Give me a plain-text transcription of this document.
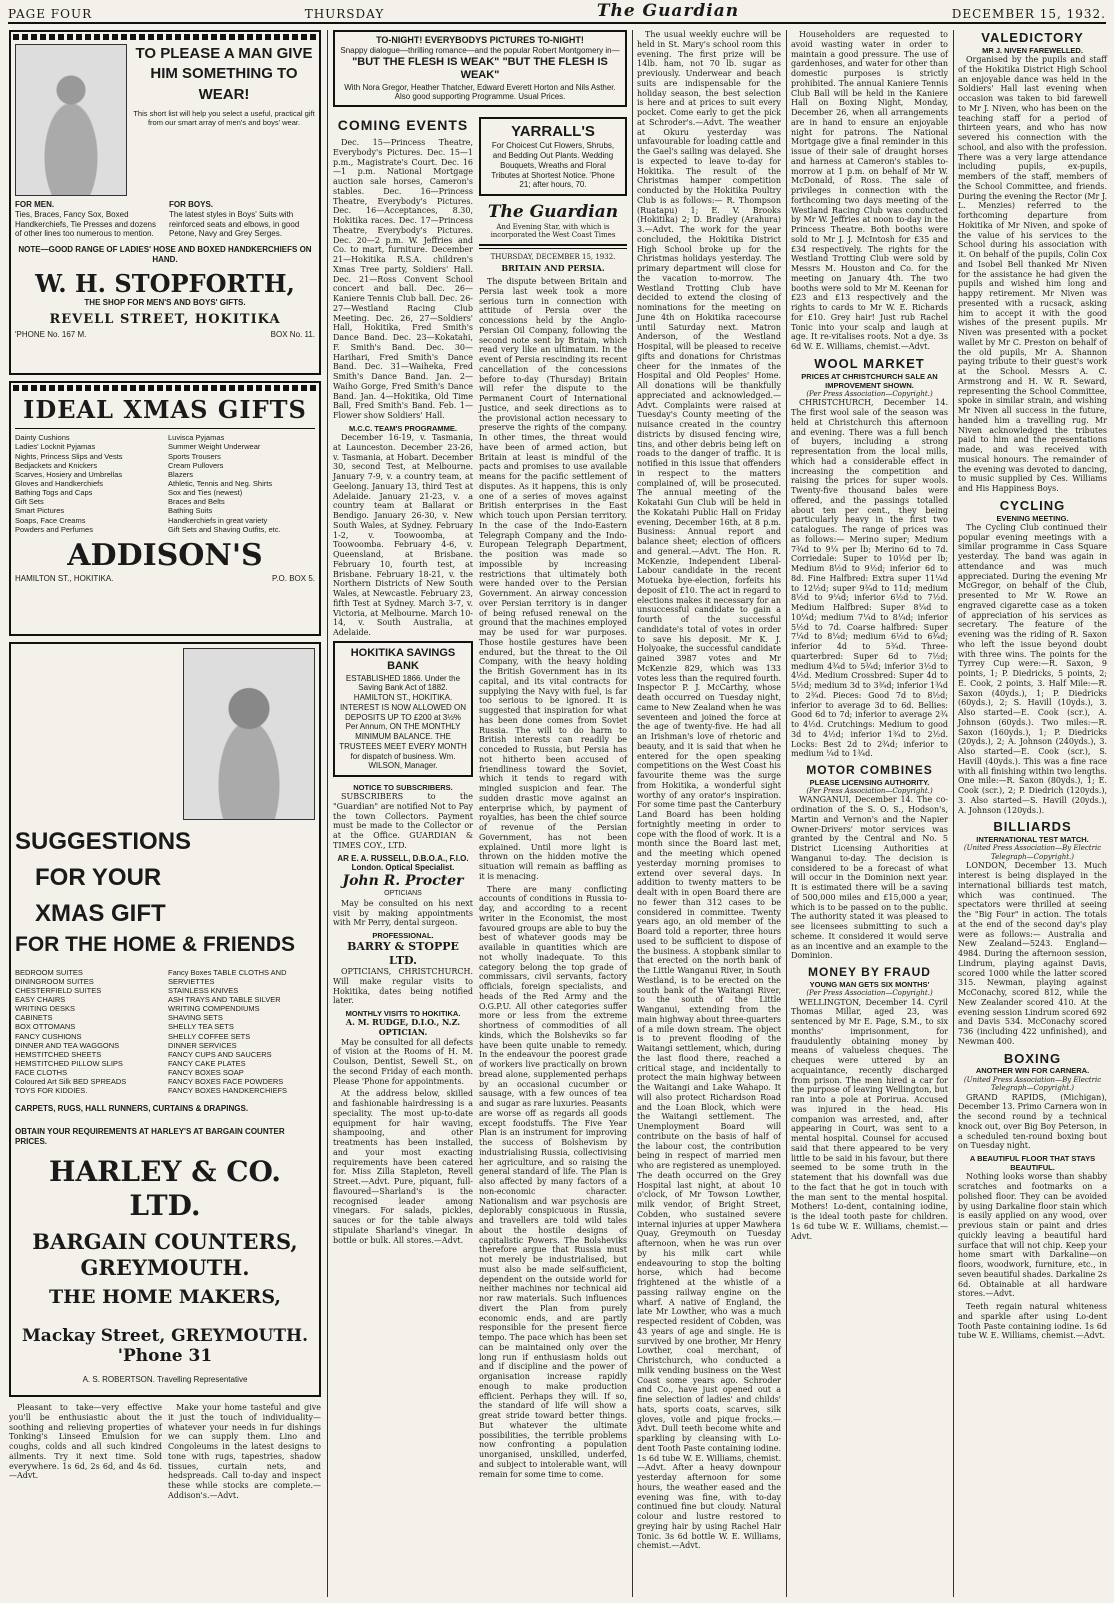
PAGE FOUR	THURSDAY	The Guardian	DECEMBER 15, 1932.
TO PLEASE A MAN GIVE HIM SOMETHING TO WEAR!
This short list will help you select a useful, practical gift from our smart array of men's and boys' wear.
FOR MEN.
Ties, Braces, Fancy Sox, Boxed Handkerchiefs, Tie Presses and dozens of other lines too numerous to mention.
FOR BOYS.
The latest styles in Boys' Suits with reinforced seats and elbows, in good Petone, Navy and Grey Serges.
NOTE—GOOD RANGE OF LADIES' HOSE AND BOXED HANDKERCHIEFS ON HAND.
W. H. STOPFORTH,
THE SHOP FOR MEN'S AND BOYS' GIFTS.
REVELL STREET, HOKITIKA
'PHONE No. 167 M.	BOX No. 11.
IDEAL XMAS GIFTS
Dainty Cushions
Ladies' Locknit Pyjamas
Nights, Princess Slips and Vests
Bedjackets and Knickers
Scarves, Hosiery and Umbrellas
Gloves and Handkerchiefs
Bathing Togs and Caps
Gift Sets
Smart Pictures
Soaps, Face Creams
Powders and Perfumes
Luvisca Pyjamas
Summer Weight Underwear
Sports Trousers
Cream Pullovers
Blazers
Athletic, Tennis and Neg. Shirts
Sox and Ties (newest)
Braces and Belts
Bathing Suits
Handkerchiefs in great variety
Gift Sets and Shaving Outfits, etc.
ADDISON'S
HAMILTON ST., HOKITIKA.	P.O. BOX 5.
SUGGESTIONS
FOR YOUR
XMAS GIFT
FOR THE HOME & FRIENDS
BEDROOM SUITES
DININGROOM SUITES
CHESTERFIELD SUITES
EASY CHAIRS
WRITING DESKS
CABINETS
BOX OTTOMANS
FANCY CUSHIONS
DINNER AND TEA WAGGONS
HEMSTITCHED SHEETS
HEMSTITCHED PILLOW SLIPS
FACE CLOTHS
Coloured Art Silk BED SPREADS
TOYS FOR KIDDIES.
Fancy Boxes TABLE CLOTHS AND SERVIETTES
STAINLESS KNIVES
ASH TRAYS AND TABLE SILVER
WRITING COMPENDIUMS
SHAVING SETS
SHELLY TEA SETS
SHELLY COFFEE SETS
DINNER SERVICES
FANCY CUPS AND SAUCERS
FANCY CAKE PLATES
FANCY BOXES SOAP
FANCY BOXES FACE POWDERS
FANCY BOXES HANDKERCHIEFS
CARPETS, RUGS, HALL RUNNERS, CURTAINS & DRAPINGS.
OBTAIN YOUR REQUIREMENTS AT HARLEY'S AT BARGAIN COUNTER PRICES.
HARLEY & CO. LTD.
BARGAIN COUNTERS, GREYMOUTH.
THE HOME MAKERS,
Mackay Street, GREYMOUTH. 'Phone 31
A. S. ROBERTSON. Travelling Representative

Pleasant to take—very effective you'll be enthusiastic about the soothing and relieving properties of Tonking's Linseed Emulsion for coughs, colds and all such kindred ailments. Try it next time. Sold everywhere. 1s 6d, 2s 6d, and 4s 6d. —Advt.

Make your home tasteful and give it just the touch of individuality—whatever your needs in fur dishings we can supply them. Lino and Congoleums in the latest designs to tone with rugs, tapestries, shadow tissues, curtain nets, and hedspreads. Call to-day and inspect these while stocks are complete.—Addison's.—Advt.

TO-NIGHT! EVERYBODYS PICTURES TO-NIGHT!
Snappy dialogue—thrilling romance—and the popular Robert Montgomery in—
"BUT THE FLESH IS WEAK" "BUT THE FLESH IS WEAK"
With Nora Gregor, Heather Thatcher, Edward Everett Horton and Nils Asther. Also good supporting Programme. Usual Prices.
COMING EVENTS

Dec. 15—Princess Theatre, Everybody's Pictures. Dec. 15—1 p.m., Magistrate's Court. Dec. 16—1 p.m. National Mortgage auction sale horses, Cameron's stables. Dec. 16—Princess Theatre, Everybody's Pictures. Dec. 16—Acceptances, 8.30, Hokitika races. Dec. 17—Princess Theatre, Everybody's Pictures. Dec. 20—2 p.m. W. Jeffries and Co. to mart, furniture. December 21—Hokitika R.S.A. children's Xmas Tree party, Soldiers' Hall. Dec. 21—Ross Convent School concert and ball. Dec. 26—Kaniere Tennis Club ball. Dec. 26-27—Westland Racing Club Meeting. Dec. 26, 27—Soldiers' Hall, Hokitika, Fred Smith's Dance Band. Dec. 23—Kokatahi, F. Smith's Band. Dec. 30—Harihari, Fred Smith's Dance Band. Dec. 31—Waiheka, Fred Smith's Dance Band. Jan. 2—Waiho Gorge, Fred Smith's Dance Band. Jan. 4—Hokitika, Old Time Ball, Fred Smith's Band. Feb. 1—Flower show Soldiers' Hall.

M.C.C. TEAM'S PROGRAMME.

December 16-19, v. Tasmania, at Launceston. December 23-26, v. Tasmania, at Hobart. December 30, second Test, at Melbourne. January 7-9, v. a country team, at Geelong. January 13, third Test at Adelaide. January 21-23, v. a country team at Ballarat or Bendigo. January 26-30, v. New South Wales, at Sydney. February 1-2, v. Toowoomba, at Toowoomba. February 4-6, v. Queensland, at Brisbane. February 10, fourth test, at Brisbane. February 18-21, v. the Northern Districts of New South Wales, at Newcastle. February 23, fifth Test at Sydney. March 3-7, v. Victoria, at Melbourne. March 10-14, v. South Australia, at Adelaide.

HOKITIKA SAVINGS BANK
ESTABLISHED 1866. Under the Saving Bank Act of 1882. HAMILTON ST., HOKITIKA. INTEREST IS NOW ALLOWED ON DEPOSITS UP TO £200 at 3½% Per Annum, ON THE MONTHLY MINIMUM BALANCE. THE TRUSTEES MEET EVERY MONTH for dispatch of business. Wm. WILSON, Manager.
NOTICE TO SUBSCRIBERS.

SUBSCRIBERS to the "Guardian" are notified Not to Pay the town Collectors. Payment must be made to the Collector or at the Office. GUARDIAN & TIMES COY., LTD.

AR E. A. RUSSELL, D.B.O.A., F.I.O. London. Optical Specialist.
John R. Procter
OPTICIANS

May be consulted on his next visit by making appointments with Mr Perry, dental surgeon.

PROFESSIONAL.
BARRY & STOPPE LTD.

OPTICIANS, CHRISTCHURCH. Will make regular visits to Hokitika, dates being notified later.

MONTHLY VISITS TO HOKITIKA.
A. M. RUDGE, D.I.O., N.Z. OPTICIAN.

May be consulted for all defects of vision at the Rooms of H. M. Coulson, Dentist, Sewell St., on the second Friday of each month. Please 'Phone for appointments.

At the address below, skilled and fashionable hairdressing is a speciality. The most up-to-date equipment for hair waving, shampooing, and other treatments has been installed, and your most exacting requirements have been catered for. Miss Zilla Stapleton, Revell Street.—Advt. Pure, piquant, full-flavoured—Sharland's is the recognised leader among vinegars. For salads, pickles, sauces or for the table always stipulate Sharland's vinegar. In bottle or bulk. All stores.—Advt.

YARRALL'S
For Choicest Cut Flowers, Shrubs, and Bedding Out Plants. Wedding Bouquets, Wreaths and Floral Tributes at Shortest Notice. 'Phone 21; after hours, 70.
The Guardian
And Evening Star, with which is incorporated the West Coast Times
THURSDAY, DECEMBER 15, 1932.
BRITAIN AND PERSIA.

The dispute between Britain and Persia last week took a more serious turn in connection with attitude of Persia over the concessions held by the Anglo-Persian Oil Company, following the second note sent by Britain, which read very like an ultimatum. In the event of Persia rescinding its recent cancellation of the concessions before to-day (Thursday) Britain will refer the dispute to the Permanent Court of International Justice, and seek directions as to the provisional action necessary to preserve the rights of the company. In other times, the threat would have been of armed action, but Britain at least is mindful of the pacts and promises to use available means for the pacific settlement of disputes. As it happens, this is only one of a series of moves against British enterprises in the East which touch upon Persian territory. In the case of the Indo-Eastern Telegraph Company and the Indo-European Telegraph Department, the position was made so impossible by increasing restrictions that ultimately both were handed over to the Persian Government. An airway concession over Persian territory is in danger of being refused renewal on the ground that the machines employed may be used for war purposes. Those hostile gestures have been endured, but the threat to the Oil Company, with the heavy holding the British Government has in its capital, and its vital contracts for supplying the Navy with fuel, is far too serious to be ignored. It is suggested that inspiration for what has been done comes from Soviet Russia. The will to do harm to British interests can readily be conceded to Russia, but Persia has not hitherto been accused of friendliness toward the Soviet, which it tends to regard with mingled suspicion and fear. The sudden drastic move against an enterprise which, by payment of royalties, has been the chief source of revenue of the Persian Government, has not been explained. Until more light is thrown on the hidden motive the situation will remain as baffling as it is menacing.

There are many conflicting accounts of conditions in Russia to-day, and according to a recent writer in the Economist, the most favoured groups are able to buy the best of whatever goods may be available in quantities which are not wholly inadequate. To this category belong the top grade of commissars, civil servants, factory officials, foreign specialists, and heads of the Red Army and the O.G.P.U. All other categories suffer more or less from the extreme shortness of commodities of all kinds, which the Bolsheviks so far have been quite unable to remedy. In the endeavour the poorest grade of workers live practically on brown bread alone, supplemented perhaps by an occasional cucumber or sausage, with a few ounces of tea and sugar as rare luxuries. Peasants are worse off as regards all goods except foodstuffs. The Five Year Plan is an instrument for improving the success of Bolshevism by industrialising Russia, collectivising her agriculture, and so raising the general standard of life. The Plan is also affected by many factors of a non-economic character. Nationalism and war psychosis are deplorably conspicuous in Russia, and travellers are told wild tales about the hostile designs of capitalistic Powers. The Bolsheviks therefore argue that Russia must not merely be industrialised, but must also be made self-sufficient, dependent on the outside world for neither machines nor technical aid nor raw materials. Such influences divert the Plan from purely economic ends, and are partly responsible for the present fierce tempo. The pace which has been set can be maintained only over the long run if enthusiasm holds out and if discipline and the power of organisation increase rapidly enough to make production efficient. Perhaps they will. If so, the standard of life will show a great stride toward better things. But whatever the ultimate possibilities, the terrible problems now confronting a population unorganised, unskilled, underfed, and subject to intolerable want, will remain for some time to come.

The usual weekly euchre will be held in St. Mary's school room this evening. The first prize will be 14lb. ham, not 70 lb. sugar as previously. Underwear and beach suits are indispensable for the holiday season, the best selection is here and at prices to suit every pocket. Come early to get the pick at Schroder's.—Advt. The weather at Okuru yesterday was unfavourable for loading cattle and the Gael's sailing was delayed. She is expected to leave to-day for Hokitika. The result of the Christmas hamper competition conducted by the Hokitika Poultry Club is as follows:— R. Thompson (Ruatapu) 1; E. V. Brooks (Hokitika) 2; D. Bradley (Arahura) 3.—Advt. The work for the year concluded, the Hokitika District High School broke up for the Christmas holidays yesterday. The primary department will close for the vacation to-morrow. The Westland Trotting Club have decided to extend the closing of nominations for the meeting on June 4th on Hokitika racecourse until Saturday next. Matron Anderson, of the Westland Hospital, will be pleased to receive gifts and donations for Christmas cheer for the inmates of the Hospital and Old Peoples' Home. All donations will be thankfully appreciated and acknowledged.—Advt. Complaints were raised at Tuesday's County meeting of the nuisance created in the country districts by disused fencing wire, tins, and other debris being left on roads to the danger of traffic. It is notified in this issue that offenders in respect to the matters complained of, will be prosecuted. The annual meeting of the Kokatahi Gun Club will be held in the Kokatahi Public Hall on Friday evening, December 16th, at 8 p.m. Business: Annual report and balance sheet; election of officers and general.—Advt. The Hon. R. McKenzie, Independent Liberal-Labour candidate in the recent Motueka bye-election, forfeits his deposit of £10. The act in regard to elections makes it necessary for an unsuccessful candidate to gain a fourth of the successful candidate's total of votes in order to save his deposit. Mr K. J. Holyoake, the successful candidate gained 3987 votes and Mr McKenzie 829, which was 133 votes less than the required fourth. Inspector P. J. McCarthy, whose death occurred on Tuesday night, came to New Zealand when he was seventeen and joined the force at the age of twenty-five. He had all an Irishman's love of rhetoric and beauty, and it is said that when he entered for the open speaking competitions on the West Coast his favourite theme was the surge from Hokitika, a wonderful sight worthy of any orator's inspiration. For some time past the Canterbury Land Board has been holding fortnightly meeting in order to cope with the flood of work. It is a month since the Board last met, and the meeting which opened yesterday morning promises to extend over several days. In addition to twenty matters to be dealt with in open Board there are no fewer than 312 cases to be considered in committee. Twenty years ago, an old member of the Board told a reporter, three hours used to be sufficient to dispose of the business. A stopbank similar to that erected on the north bank of the Little Wanganui River, in South Westland, is to be erected on the south bank of the Waitangi River, to the south of the Little Wanganui, extending from the main highway about three-quarters of a mile down stream. The object is to prevent flooding of the Waitangi settlement, which, during the last flood there, reached a critical stage, and incidentally to protect the main highway between the Waitangi and Lake Wahapo. It will also protect Richardson Road and the Loan Block, which were the Waitangi settlement. The Unemployment Board will contribute on the basis of half of the labour cost, the contribution being in respect of married men who are registered as unemployed. The death occurred on the Grey Hospital last night, at about 10 o'clock, of Mr Towson Lowther, milk vendor, of Bright Street, Cobden, who sustained severe internal injuries at upper Mawhera Quay, Greymouth on Tuesday afternoon, when he was run over by his milk cart while endeavouring to stop the bolting horse, which had become frightened at the whistle of a passing railway engine on the wharf. A native of England, the late Mr Lowther, who was a much respected resident of Cobden, was 43 years of age and single. He is survived by one brother, Mr Henry Lowther, coal merchant, of Christchurch, who conducted a milk vending business on the West Coast some years ago. Schroder and Co., have just opened out a fine selection of ladies' and childs' hats, sports coats, scarves, silk gloves, voile and pique frocks.—Advt. Dull teeth become white and sparkling by cleansing with Lo-dent Tooth Paste containing iodine. 1s 6d tube W. E. Williams, chemist.—Advt. After a heavy downpour yesterday afternoon for some hours, the weather eased and the evening was fine, with to-day continued fine but cloudy. Natural colour and lustre restored to greying hair by using Rachel Hair Tonic. 3s 6d bottle W. E. Williams, chemist.—Advt.

Householders are requested to avoid wasting water in order to maintain a good pressure. The use of gardenhoses, and water for other than domestic purposes is strictly prohibited. The annual Kaniere Tennis Club Ball will be held in the Kaniere Hall on Boxing Night, Monday, December 26, when all arrangements are in hand to ensure an enjoyable night for patrons. The National Mortgage give a final reminder in this issue of their sale of draught horses and harness at Cameron's stables to-morrow at 1 p.m. on behalf of Mr W. McDonald, of Ross. The sale of privileges in connection with the forthcoming two days meeting of the Westland Racing Club was conducted by Mr W. Jeffries at noon to-day in the Princess Theatre. Both booths were sold to Mr J. J. McIntosh for £35 and £34 respectively. The rights for the Westland Trotting Club were sold by Messrs M. Houston and Co. for the meeting on January 4th. The two booths were sold to Mr M. Keenan for £23 and £13 respectively and the rights to cards to Mr W. E. Richards for £10. Grey hair! Just rub Rachel Tonic into your scalp and laugh at age. It re-vitalises roots. Not a dye. 3s 6d W. E. Williams, chemist.—Advt.

WOOL MARKET
PRICES AT CHRISTCHURCH SALE AN IMPROVEMENT SHOWN.
(Per Press Association—Copyright.)

CHRISTCHURCH, December 14. The first wool sale of the season was held at Christchurch this afternoon and evening. There was a full bench of buyers, including a strong representation from the local mills, which had a considerable effect in increasing the competition and raising the prices for super wools. Twenty-five thousand bales were offered, and the passings totalled about ten per cent., they being particularly heavy in the first two catalogues. The range of prices was as follows:— Merino super; Medium 7¾d to 9¼ per lb; Merino 6d to 7d. Corriedale: Super to 10½d per lb; Medium 8½d to 9½d; inferior 6d to 8d. Fine Halfbred: Extra super 11¼d to 12½d; super 9¾d to 11d; medium 8½d to 9¼d; inferior 6½d to 7½d. Medium Halfbred: Super 8¼d to 10¼d; medium 7¼d to 8¼d; inferior 5½d to 7d. Coarse halfbred: Super 7¼d to 8¼d; medium 6½d to 6¾d; inferior 4d to 5¾d. Three-quarterbred: Super 6d to 7½d; medium 4¾d to 5¾d; inferior 3½d to 4½d. Medium Crossbred: Super 4d to 5½d; medium 3d to 3¾d; inferior 1¾d to 2¾d. Pieces: Good 7d to 8½d; inferior to average 3d to 6d. Bellies: Good 6d to 7d; inferior to average 2¾ to 4½d. Crutchings: Medium to good 3d to 4½d; inferior 1¾d to 2½d. Locks: Best 2d to 2¾d; inferior to medium ¼d to 1¾d.

MOTOR COMBINES
PLEASE LICENSING AUTHORITY.
(Per Press Association—Copyright.)

WANGANUI, December 14. The co-ordination of the S. O. S., Hodson's, Martin and Vernon's and the Napier Owner-Drivers' motor services was granted by the Central and No. 5 District Licensing Authorities at Wanganui to-day. The decision is considered to be a forecast of what will occur in the Dominion next year. It is estimated there will be a saving of 500,000 miles and £15,000 a year, which is to be passed on to the public. The authority stated it was pleased to see licensees submitting to such a scheme. It considered it would serve as an incentive and an example to the Dominion.

MONEY BY FRAUD
YOUNG MAN GETS SIX MONTHS'
(Per Press Association—Copyright.)

WELLINGTON, December 14. Cyril Thomas Millar, aged 23, was sentenced by Mr E. Page, S.M., to six months' imprisonment, for fraudulently obtaining money by means of valueless cheques. The cheques were uttered by an acquaintance, recently discharged from prison. The men hired a car for the purpose of leaving Wellington, but ran into a pole at Porirua. Accused was injured in the head. His companion was arrested, and, after appearing in Court, was sent to a mental hospital. Counsel for accused said that there appeared to be very little to be said in his favour, but there seemed to be some truth in the statement that his downfall was due to the fact that he got in touch with the man sent to the mental hospital. Mothers! Lo-dent, containing iodine, is the ideal tooth paste for children. 1s 6d tube W. E. Williams, chemist.—Advt.

VALEDICTORY
MR J. NIVEN FAREWELLED.

Organised by the pupils and staff of the Hokitika District High School an enjoyable dance was held in the Soldiers' Hall last evening when occasion was taken to bid farewell to Mr J. Niven, who has been on the teaching staff for a period of thirteen years, and who has now severed his connection with the school, and also with the profession. There was a very large attendance including pupils, ex-pupils, members of the staff, members of the School Committee, and friends. During the evening the Rector (Mr J. L. Menzies) referred to the forthcoming departure from Hokitika of Mr Niven, and spoke of the value of his services to the School during his association with it. On behalf of the pupils, Colin Cox and Isobel Bell thanked Mr Niven for the assistance he had given the pupils and wished him long and happy retirement. Mr Niven was presented with a rucsack, asking him to accept it with the good wishes of the present pupils. Mr Niven was presented with a pocket wallet by Mr C. Preston on behalf of the old pupils, Mr A. Shannon paying tribute to their guest's work at the School. Messrs A. C. Armstrong and H. W. R. Seward, representing the School Committee, spoke in similar strain, and wishing Mr Niven all success in the future, handed him a travelling rug. Mr Niven acknowledged the tributes paid to him and the presentations made, and was received with musical honours. The remainder of the evening was devoted to dancing, to music supplied by Ces. Williams and His Happiness Boys.

CYCLING
EVENING MEETING.

The Cycling Club continued their popular evening meetings with a similar programme in Cass Square yesterday. The band was again in attendance and was much appreciated. During the evening Mr McGregor, on behalf of the Club, presented to Mr W. Rowe an engraved cigarette case as a token of appreciation of his services as secretary. The feature of the evening was the riding of R. Saxon who left the issue beyond doubt with three wins. The points for the Tyrrey Cup were:—R. Saxon, 9 points, 1; P. Diedricks, 5 points, 2; E. Cook, 2 points, 3. Half Mile:—R. Saxon (40yds.), 1; P. Diedricks (60yds.), 2; S. Havill (10yds.), 3. Also started—E. Cook (scr.), A. Johnson (60yds.). Two miles:—R. Saxon (160yds.), 1; P. Diedricks (20yds.), 2; A. Johnson (240yds.), 3. Also started—E. Cook (scr.), S. Havill (40yds.). This was a fine race with all finishing within two lengths. One mile:—R. Saxon (80yds.), 1; E. Cook (scr.), 2; P. Diedrich (120yds.), 3. Also started—S. Havill (20yds.), A. Johnson (120yds.).

BILLIARDS
INTERNATIONAL TEST MATCH.
(United Press Association—By Electric Telegraph—Copyright.)

LONDON, December 13. Much interest is being displayed in the international billiards test match, which was continued. The spectators were thrilled at seeing the "Big Four" in action. The totals at the end of the second day's play were as follows:— Australia and New Zealand—5243. England—4984. During the afternoon session, Lindrum, playing against Davis, scored 1000 while the latter scored 315. Newman, playing against McConachy, scored 812, while the New Zealander scored 410. At the evening session Lindrum scored 692 and Davis 534. McConachy scored 736 (including 422 unfinished), and Newman 400.

BOXING
ANOTHER WIN FOR CARNERA.
(United Press Association—By Electric Telegraph—Copyright.)

GRAND RAPIDS, (Michigan), December 13. Primo Carnera won in the second round by a technical knock out, over Big Boy Peterson, in a scheduled ten-round boxing bout on Tuesday night.

A BEAUTIFUL FLOOR THAT STAYS BEAUTIFUL.

Nothing looks worse than shabby scratches and footmarks on a polished floor. They can be avoided by using Darkaline floor stain which is easily applied on any wood, over previous stain or paint and dries quickly leaving a beautiful hard surface that will not chip. Keep your home smart with Darkaline—on floors, woodwork, furniture, etc., in seven beautiful shades. Darkaline 2s 6d. Obtainable at all hardware stores.—Advt.

Teeth regain natural whiteness and sparkle after using Lo-dent Tooth Paste containing iodine. 1s 6d tube W. E. Williams, chemist.—Advt.
